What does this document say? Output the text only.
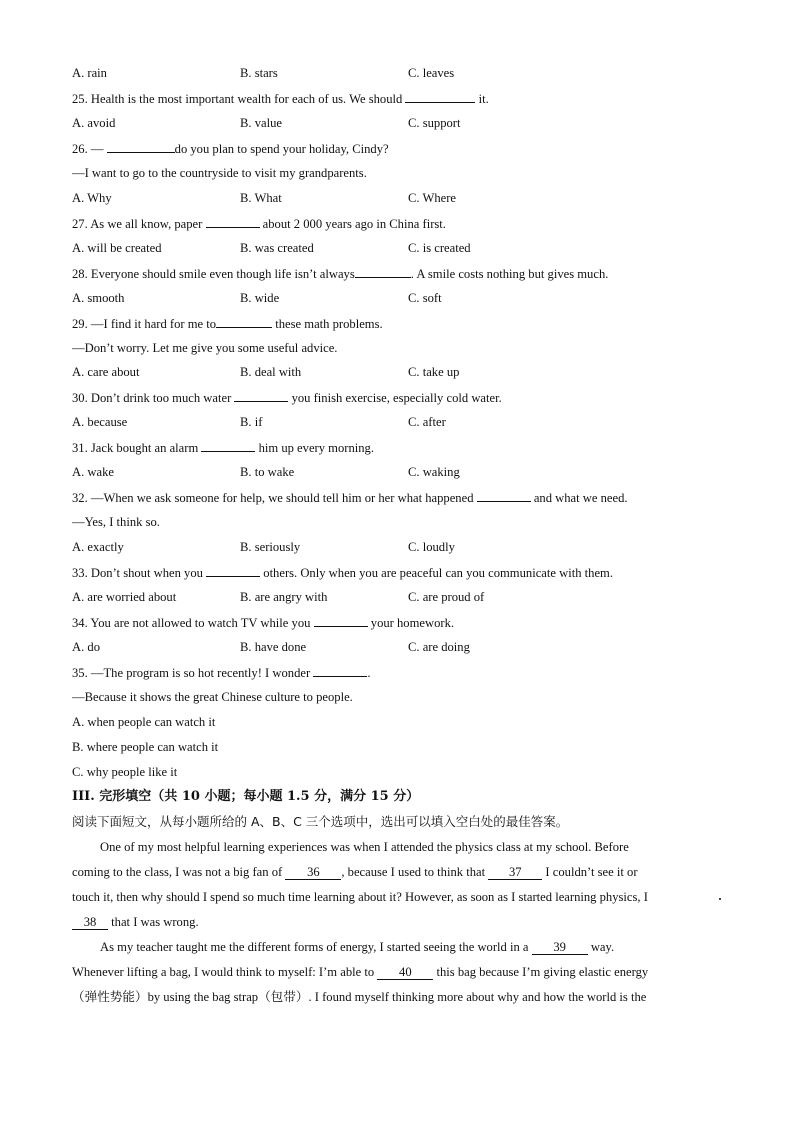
A. rain	B. stars	C. leaves
25. Health is the most important wealth for each of us. We should	it.
A. avoid	B. value	C. support
26. —	do you plan to spend your holiday, Cindy?
—I want to go to the countryside to visit my grandparents.
A. Why	B. What	C. Where
27. As we all know, paper	about 2 000 years ago in China first.
A. will be created	B. was created	C. is created
28. Everyone should smile even though life isn’t always	. A smile costs nothing but gives much.
A. smooth	B. wide	C. soft
29. —I find it hard for me to	these math problems.
—Don’t worry. Let me give you some useful advice.
A. care about	B. deal with	C. take up
30. Don’t drink too much water	you finish exercise, especially cold water.
A. because	B. if	C. after
31. Jack bought an alarm	him up every morning.
A. wake	B. to wake	C. waking
32. —When we ask someone for help, we should tell him or her what happened	and what we need.
—Yes, I think so.
A. exactly	B. seriously	C. loudly
33. Don’t shout when you	others. Only when you are peaceful can you communicate with them.
A. are worried about	B. are angry with	C. are proud of
34. You are not allowed to watch TV while you	your homework.
A. do	B. have done	C. are doing
35. —The program is so hot recently! I wonder	.
—Because it shows the great Chinese culture to people.
A. when people can watch it
B. where people can watch it
C. why people like it
III. 完形填空（共 10 小题；每小题 1.5 分，满分 15 分）
阅读下面短文，从每小题所给的 A、B、C 三个选项中，选出可以填入空白处的最佳答案。
One of my most helpful learning experiences was when I attended the physics class at my school. Before
coming to the class, I was not a big fan of 36 , because I used to think that 37 I couldn’t see it or
touch it, then why should I spend so much time learning about it? However, as soon as I started learning physics, I
38 that I was wrong.
As my teacher taught me the different forms of energy, I started seeing the world in a 39 way.
Whenever lifting a bag, I would think to myself: I’m able to 40 this bag because I’m giving elastic energy
（弹性势能）by using the bag strap（包带）. I found myself thinking more about why and how the world is the
